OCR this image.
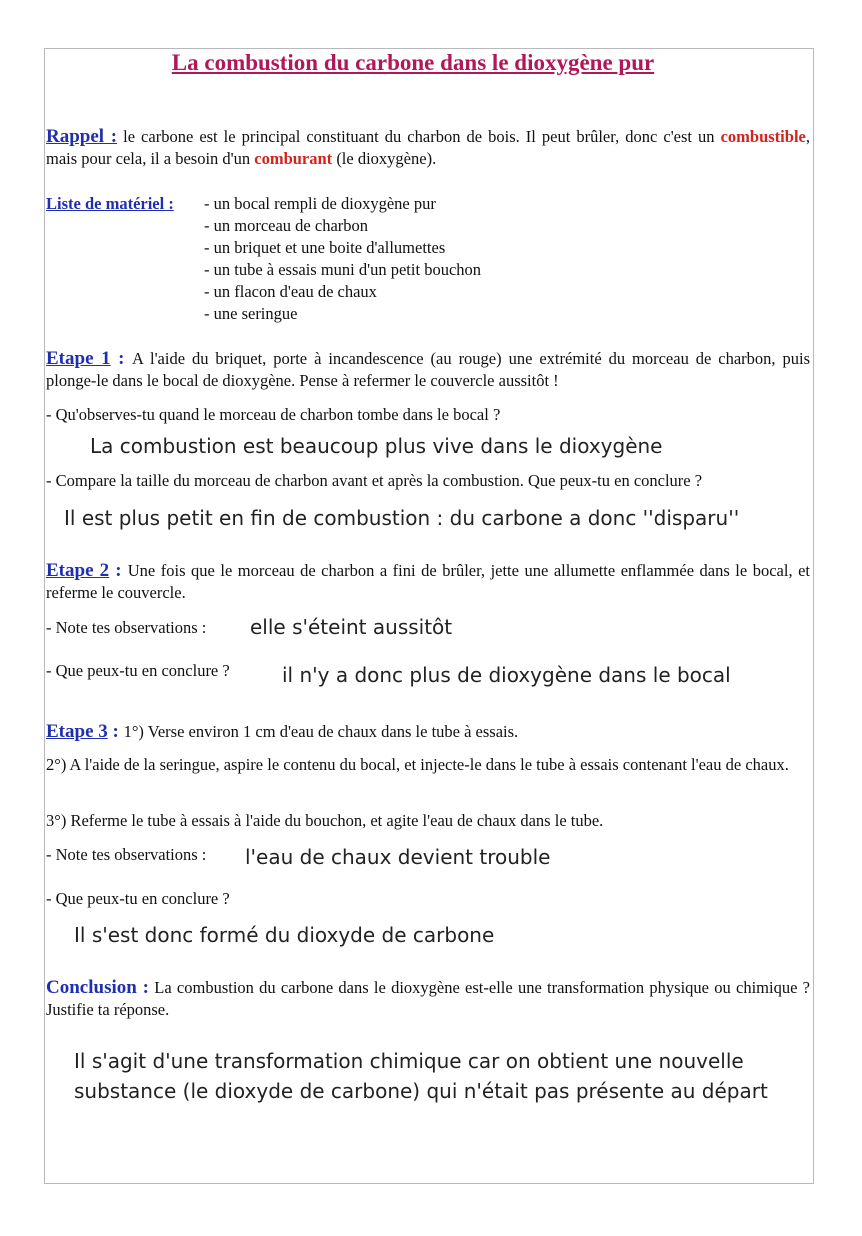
La combustion du carbone dans le dioxygène pur

Rappel : le carbone est le principal constituant du charbon de bois. Il peut brûler, donc c'est un combustible, mais pour cela, il a besoin d'un comburant (le dioxygène).

Liste de matériel : - un bocal rempli de dioxygène pur
- un morceau de charbon
- un briquet et une boite d'allumettes
- un tube à essais muni d'un petit bouchon
- un flacon d'eau de chaux
- une seringue

Etape 1 : A l'aide du briquet, porte à incandescence (au rouge) une extrémité du morceau de charbon, puis plonge-le dans le bocal de dioxygène. Pense à refermer le couvercle aussitôt !

- Qu'observes-tu quand le morceau de charbon tombe dans le bocal ?

La combustion est beaucoup plus vive dans le dioxygène

- Compare la taille du morceau de charbon avant et après la combustion. Que peux-tu en conclure ?

Il est plus petit en fin de combustion : du carbone a donc ''disparu''

Etape 2 : Une fois que le morceau de charbon a fini de brûler, jette une allumette enflammée dans le bocal, et referme le couvercle.

- Note tes observations : elle s'éteint aussitôt

- Que peux-tu en conclure ?	il n'y a donc plus de dioxygène dans le bocal

Etape 3 : 1°) Verse environ 1 cm d'eau de chaux dans le tube à essais.

2°) A l'aide de la seringue, aspire le contenu du bocal, et injecte-le dans le tube à essais contenant l'eau de chaux.

3°) Referme le tube à essais à l'aide du bouchon, et agite l'eau de chaux dans le tube.

- Note tes observations : l'eau de chaux devient trouble

- Que peux-tu en conclure ?

Il s'est donc formé du dioxyde de carbone

Conclusion : La combustion du carbone dans le dioxygène est-elle une transformation physique ou chimique ? Justifie ta réponse.

Il s'agit d'une transformation chimique car on obtient une nouvelle

substance (le dioxyde de carbone) qui n'était pas présente au départ
